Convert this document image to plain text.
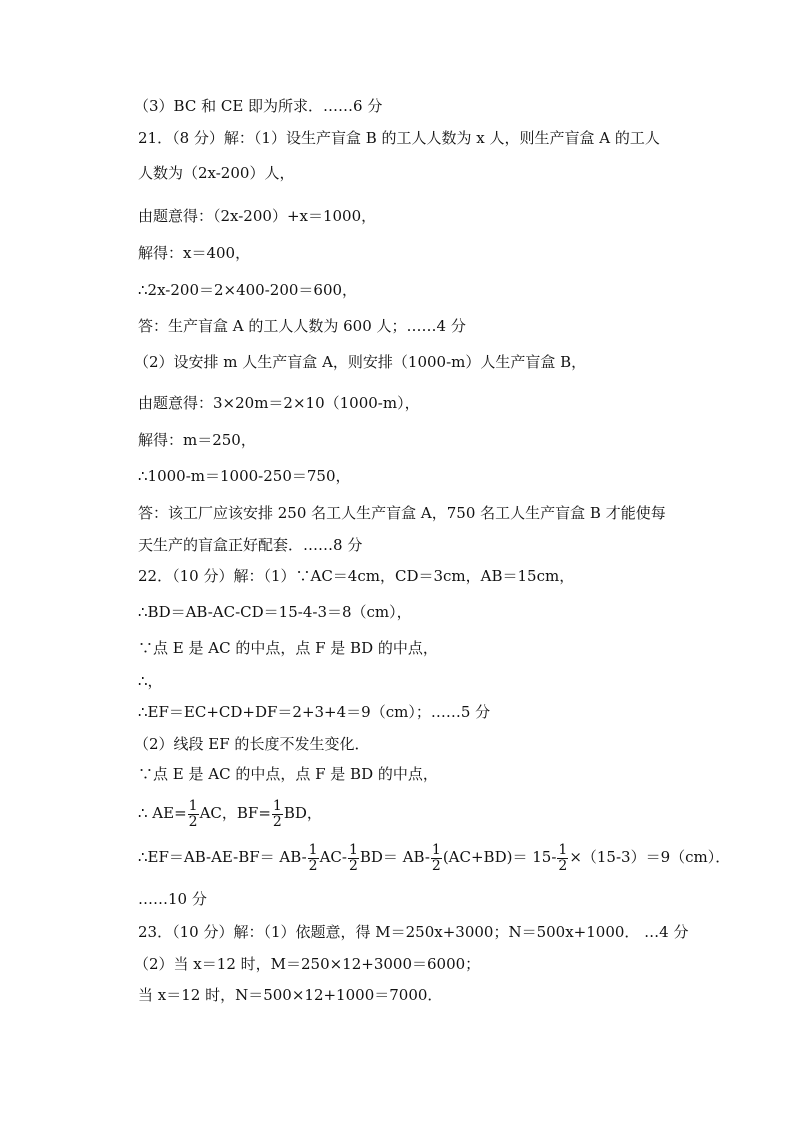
（3）BC 和 CE 即为所求．……6 分
21．（8 分）解：（1）设生产盲盒 B 的工人人数为 x 人，则生产盲盒 A 的工人
人数为（2x-200）人，
由题意得：（2x-200）+x＝1000，
解得：x＝400，
∴2x-200＝2×400-200＝600，
答：生产盲盒 A 的工人人数为 600 人；……4 分
（2）设安排 m 人生产盲盒 A，则安排（1000-m）人生产盲盒 B，
由题意得：3×20m＝2×10（1000-m），
解得：m＝250，
∴1000-m＝1000-250＝750，
答：该工厂应该安排 250 名工人生产盲盒 A，750 名工人生产盲盒 B 才能使每
天生产的盲盒正好配套．……8 分
22．（10 分）解：（1）∵AC＝4cm，CD＝3cm，AB＝15cm，
∴BD＝AB-AC-CD＝15-4-3＝8（cm），
∵点 E 是 AC 的中点，点 F 是 BD 的中点，
∴，
∴EF＝EC+CD+DF＝2+3+4＝9（cm）；……5 分
（2）线段 EF 的长度不发生变化．
∵点 E 是 AC 的中点，点 F 是 BD 的中点，
∴ $AE= \frac{1}{2}$ AC，$BF= \frac{1}{2}$ BD，
∴EF＝AB-AE-BF＝ $AB- \frac{1}{2} AC- \frac{1}{2} BD= AB- \frac{1}{2} (AC+BD)= 15- \frac{1}{2} \times(15-3)=9(cm)$．
……10 分
23．（10 分）解：（1）依题意，得 M＝250x+3000；N＝500x+1000． …4 分
（2）当 x＝12 时，M＝250×12+3000＝6000；
当 x＝12 时，N＝500×12+1000＝7000．
